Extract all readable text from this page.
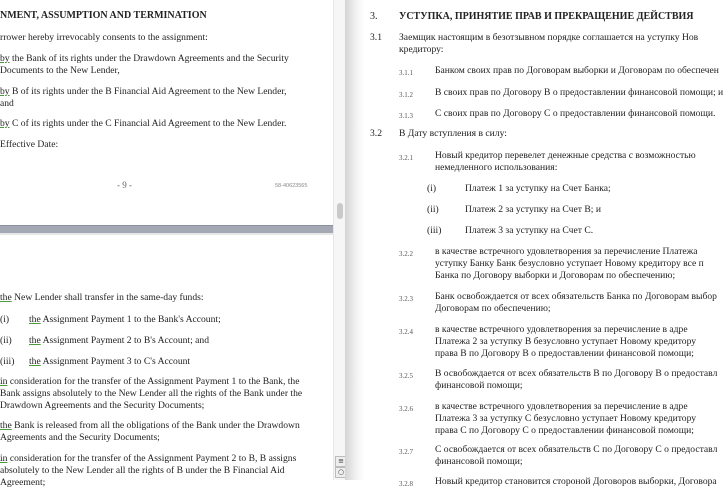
NMENT, ASSUMPTION AND TERMINATION
rrower hereby irrevocably consents to the assignment:
by the Bank of its rights under the Drawdown Agreements and the Security
Documents to the New Lender,
by B of its rights under the B Financial Aid Agreement to the New Lender,
and
by C of its rights under the C Financial Aid Agreement to the New Lender.
Effective Date:
- 9 -	58-40623565
the New Lender shall transfer in the same-day funds:
(i) the Assignment Payment 1 to the Bank's Account;
(ii) the Assignment Payment 2 to B's Account; and
(iii) the Assignment Payment 3 to C's Account
in consideration for the transfer of the Assignment Payment 1 to the Bank, the
Bank assigns absolutely to the New Lender all the rights of the Bank under the
Drawdown Agreements and the Security Documents;
the Bank is released from all the obligations of the Bank under the Drawdown
Agreements and the Security Documents;
in consideration for the transfer of the Assignment Payment 2 to B, B assigns
absolutely to the New Lender all the rights of B under the B Financial Aid
Agreement;
≡
○
3. УСТУПКА, ПРИНЯТИЕ ПРАВ И ПРЕКРАЩЕНИЕ ДЕЙСТВИЯ
3.1 Заемщик настоящим в безотзывном порядке соглашается на уступку Нов
кредитору:
3.1.1 Банком своих прав по Договорам выборки и Договорам по обеспечен
3.1.2 В своих прав по Договору В о предоставлении финансовой помощи; и
3.1.3 С своих прав по Договору С о предоставлении финансовой помощи.
3.2 В Дату вступления в силу:
3.2.1 Новый кредитор перевелет денежные средства с возможностью
немедленного использования:
(i)	Платеж 1 за уступку на Счет Банка;
(ii)	Платеж 2 за уступку на Счет В; и
(iii) Платеж 3 за уступку на Счет С.
3.2.2 в качестве встречного удовлетворения за перечисление Платежа
уступку Банку Банк безусловно уступает Новому кредитору все п
Банка по Договору выборки и Договорам по обеспечению;
3.2.3 Банк освобождается от всех обязательств Банка по Договорам выбор
Договорам по обеспечению;
3.2.4 в качестве встречного удовлетворения за перечисление в адре
Платежа 2 за уступку В безусловно уступает Новому кредитору
права В по Договору В о предоставлении финансовой помощи;
3.2.5 В освобождается от всех обязательств В по Договору В о предоставл
финансовой помощи;
3.2.6 в качестве встречного удовлетворения за перечисление в адре
Платежа 3 за уступку С безусловно уступает Новому кредитору
права С по Договору С о предоставлении финансовой помощи;
3.2.7 С освобождается от всех обязательств С по Договору С о предоставл
финансовой помощи;
3.2.8 Новый кредитор становится стороной Договоров выборки, Договора
